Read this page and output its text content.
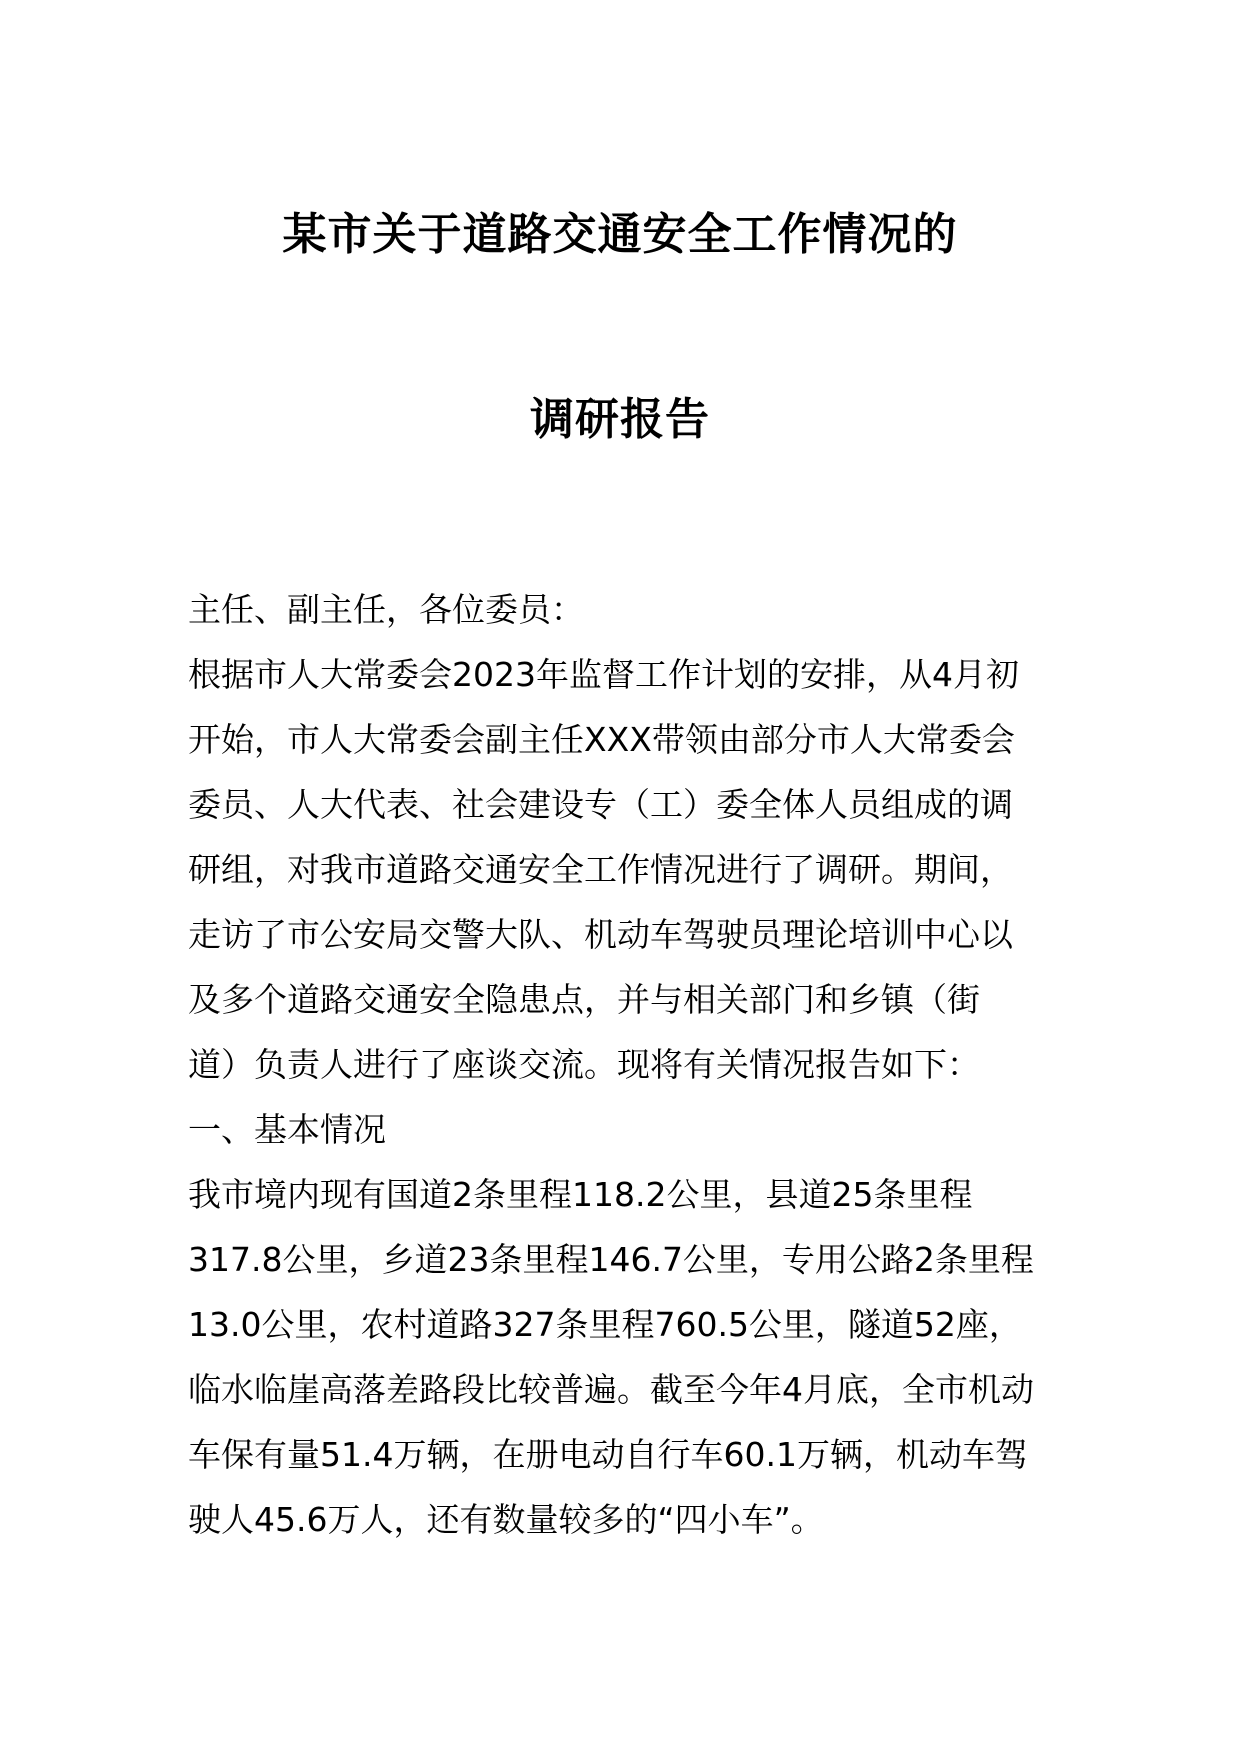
某市关于道路交通安全工作情况的
调研报告
主任、副主任，各位委员：
根据市人大常委会2023年监督工作计划的安排，从4月初
开始，市人大常委会副主任XXX带领由部分市人大常委会
委员、人大代表、社会建设专（工）委全体人员组成的调
研组，对我市道路交通安全工作情况进行了调研。期间，
走访了市公安局交警大队、机动车驾驶员理论培训中心以
及多个道路交通安全隐患点，并与相关部门和乡镇（街
道）负责人进行了座谈交流。现将有关情况报告如下：
一、基本情况
我市境内现有国道2条里程118.2公里，县道25条里程
317.8公里，乡道23条里程146.7公里，专用公路2条里程
13.0公里，农村道路327条里程760.5公里，隧道52座，
临水临崖高落差路段比较普遍。截至今年4月底，全市机动
车保有量51.4万辆，在册电动自行车60.1万辆，机动车驾
驶人45.6万人，还有数量较多的“四小车”。
